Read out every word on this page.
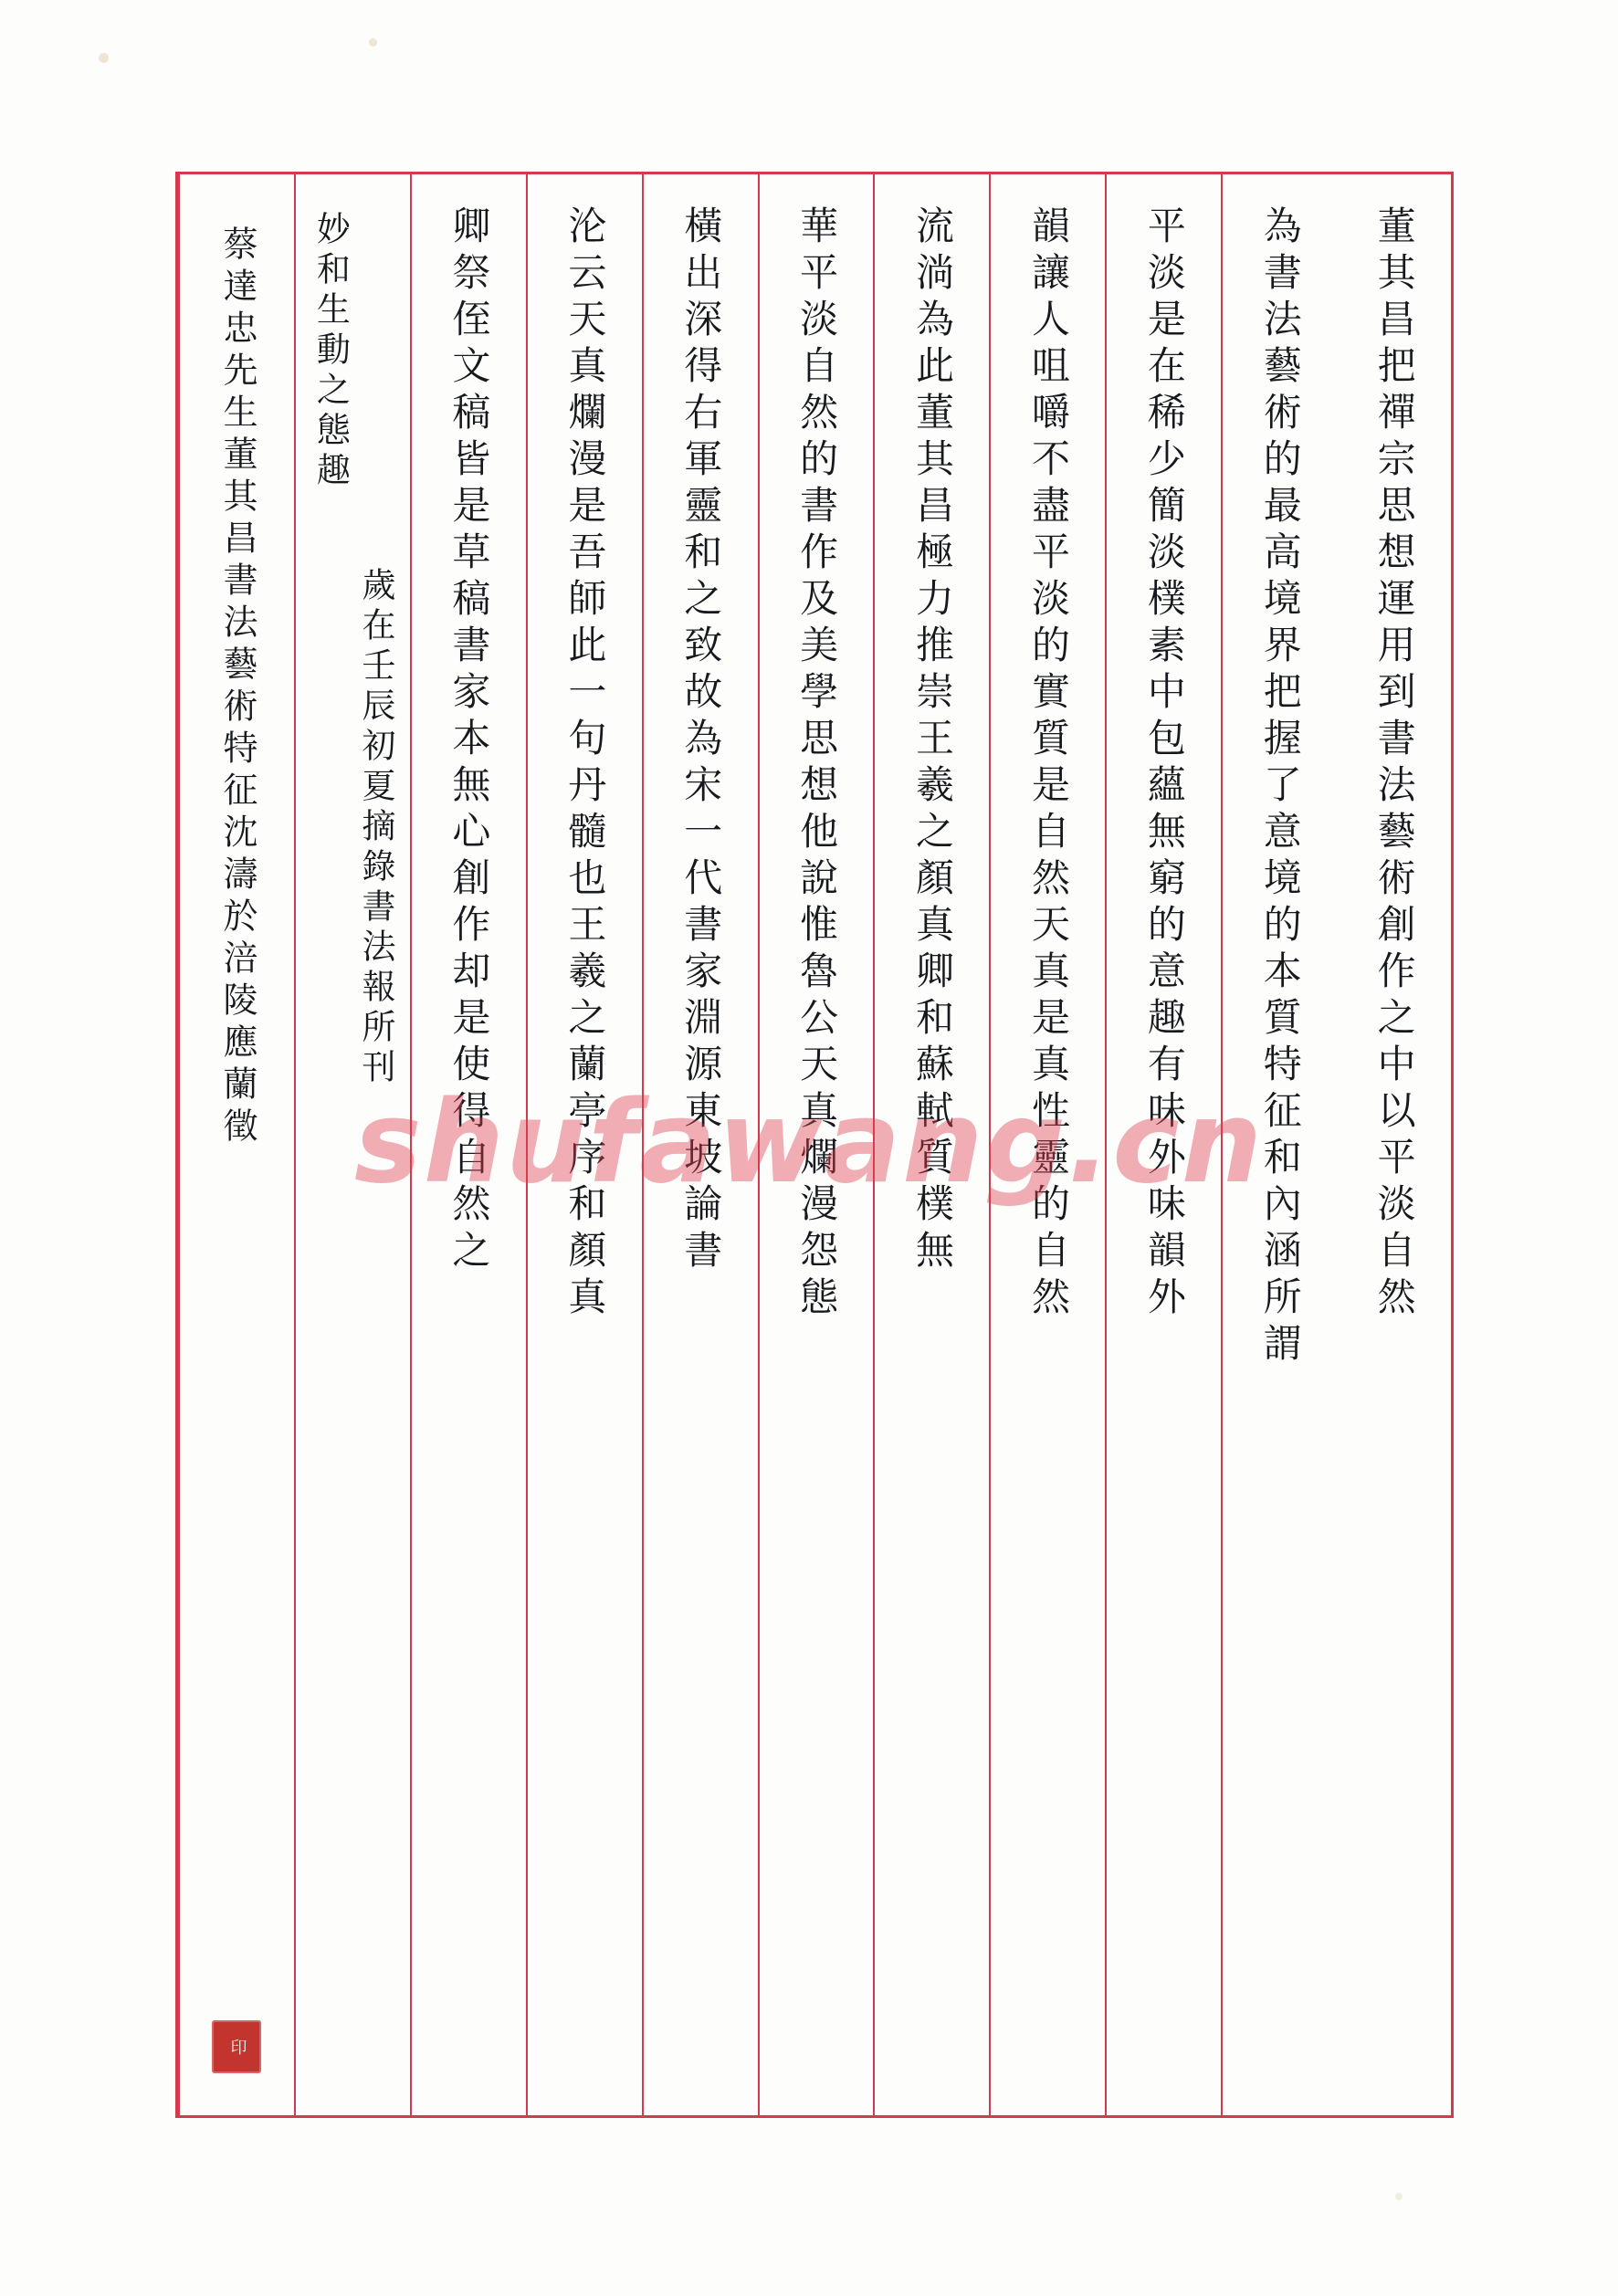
董其昌把禪宗思想運用到書法藝術創作之中以平淡自然
為書法藝術的最高境界把握了意境的本質特征和內涵所謂
平淡是在稀少簡淡樸素中包蘊無窮的意趣有味外味韻外
韻讓人咀嚼不盡平淡的實質是自然天真是真性靈的自然
流淌為此董其昌極力推崇王羲之顏真卿和蘇軾質樸無
華平淡自然的書作及美學思想他說惟魯公天真爛漫怨態
橫出深得右軍靈和之致故為宋一代書家淵源東坡論書
沦云天真爛漫是吾師此一句丹髓也王羲之蘭亭序和顏真
卿祭侄文稿皆是草稿書家本無心創作却是使得自然之
妙和生動之態趣
歲在壬辰初夏摘錄書法報所刊
蔡達忠先生董其昌書法藝術特征沈濤於涪陵應蘭徵
印
shufawang.cn
